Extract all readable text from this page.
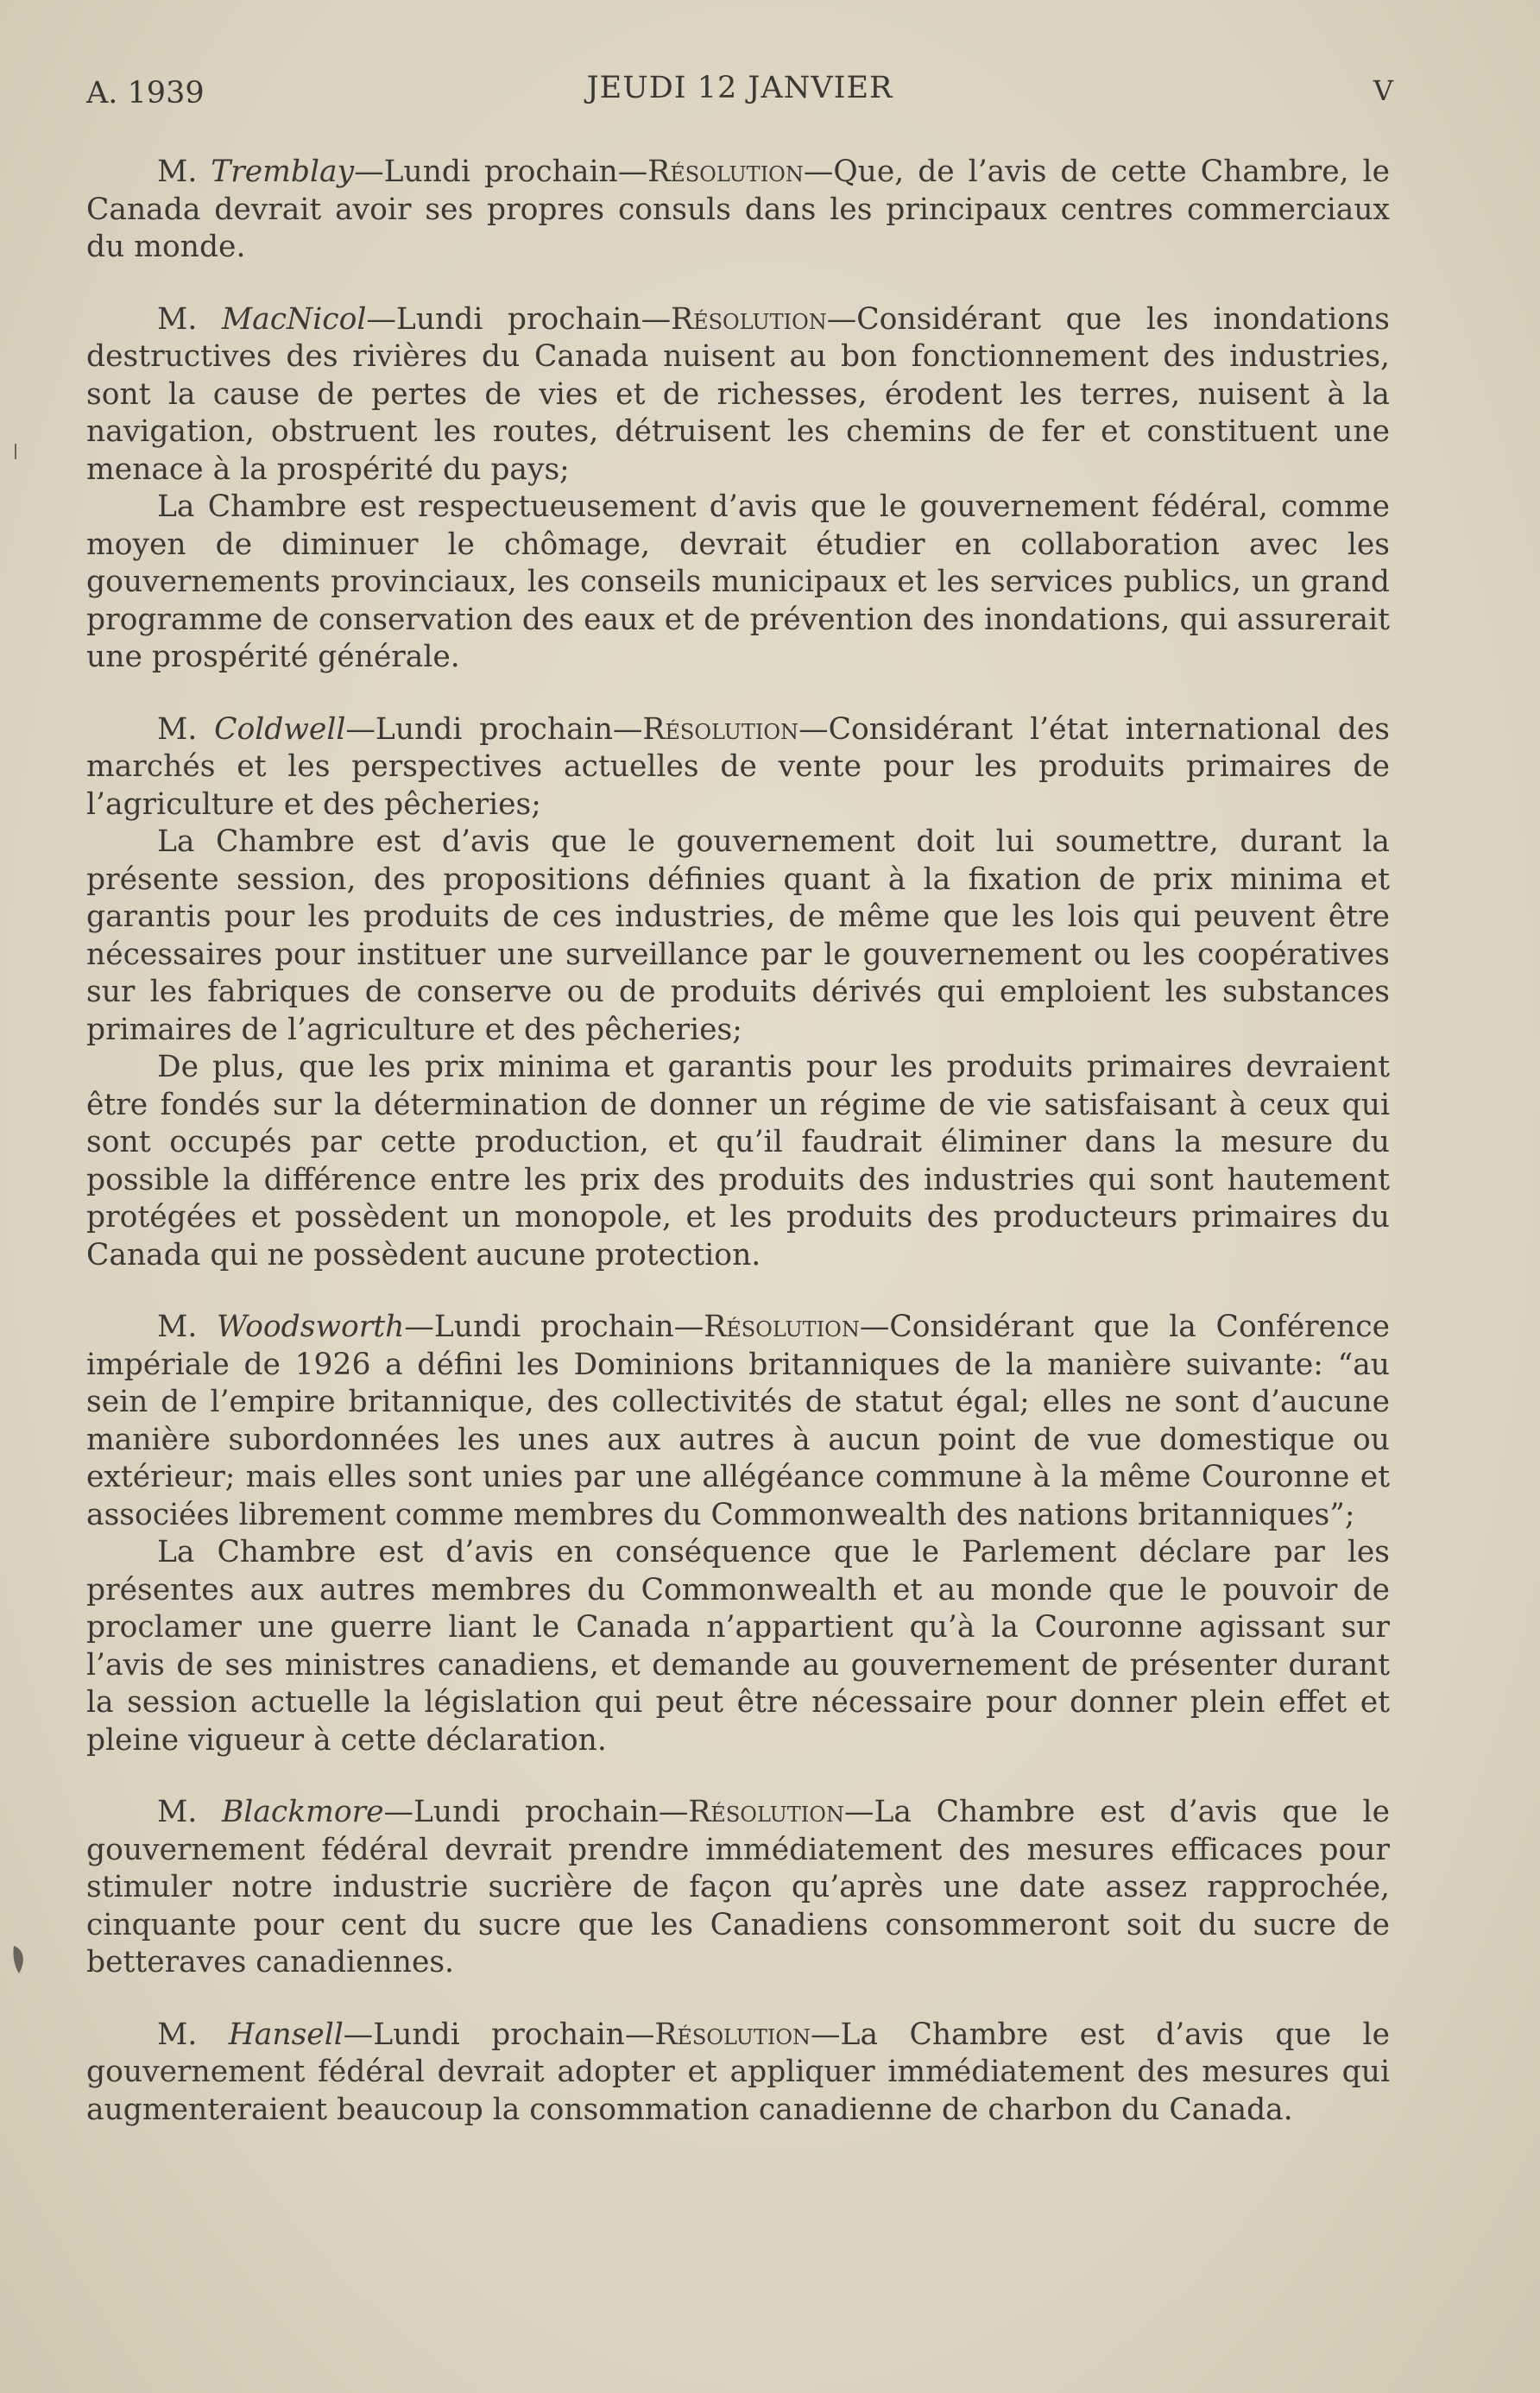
A. 1939	JEUDI 12 JANVIER	V

M. Tremblay—Lundi prochain—Résolution—Que, de l’avis de cette Chambre, le Canada devrait avoir ses propres consuls dans les principaux centres commerciaux du monde.

M. MacNicol—Lundi prochain—Résolution—Considérant que les inondations destructives des rivières du Canada nuisent au bon fonctionnement des industries, sont la cause de pertes de vies et de richesses, érodent les terres, nuisent à la navigation, obstruent les routes, détruisent les chemins de fer et constituent une menace à la prospérité du pays;

La Chambre est respectueusement d’avis que le gouvernement fédéral, comme moyen de diminuer le chômage, devrait étudier en collaboration avec les gouvernements provinciaux, les conseils municipaux et les services publics, un grand programme de conservation des eaux et de prévention des inondations, qui assurerait une prospérité générale.

M. Coldwell—Lundi prochain—Résolution—Considérant l’état international des marchés et les perspectives actuelles de vente pour les produits primaires de l’agriculture et des pêcheries;

La Chambre est d’avis que le gouvernement doit lui soumettre, durant la présente session, des propositions définies quant à la fixation de prix minima et garantis pour les produits de ces industries, de même que les lois qui peuvent être nécessaires pour instituer une surveillance par le gouvernement ou les coopératives sur les fabriques de conserve ou de produits dérivés qui emploient les substances primaires de l’agriculture et des pêcheries;

De plus, que les prix minima et garantis pour les produits primaires devraient être fondés sur la détermination de donner un régime de vie satisfaisant à ceux qui sont occupés par cette production, et qu’il faudrait éliminer dans la mesure du possible la différence entre les prix des produits des industries qui sont hautement protégées et possèdent un monopole, et les produits des producteurs primaires du Canada qui ne possèdent aucune protection.

M. Woodsworth—Lundi prochain—Résolution—Considérant que la Conférence impériale de 1926 a défini les Dominions britanniques de la manière suivante: “au sein de l’empire britannique, des collectivités de statut égal; elles ne sont d’aucune manière subordonnées les unes aux autres à aucun point de vue domestique ou extérieur; mais elles sont unies par une allégéance commune à la même Couronne et associées librement comme membres du Commonwealth des nations britanniques”;

La Chambre est d’avis en conséquence que le Parlement déclare par les présentes aux autres membres du Commonwealth et au monde que le pouvoir de proclamer une guerre liant le Canada n’appartient qu’à la Couronne agissant sur l’avis de ses ministres canadiens, et demande au gouvernement de présenter durant la session actuelle la législation qui peut être nécessaire pour donner plein effet et pleine vigueur à cette déclaration.

M. Blackmore—Lundi prochain—Résolution—La Chambre est d’avis que le gouvernement fédéral devrait prendre immédiatement des mesures efficaces pour stimuler notre industrie sucrière de façon qu’après une date assez rapprochée, cinquante pour cent du sucre que les Canadiens consommeront soit du sucre de betteraves canadiennes.

M. Hansell—Lundi prochain—Résolution—La Chambre est d’avis que le gouvernement fédéral devrait adopter et appliquer immédiatement des mesures qui augmenteraient beaucoup la consommation canadienne de charbon du Canada.
